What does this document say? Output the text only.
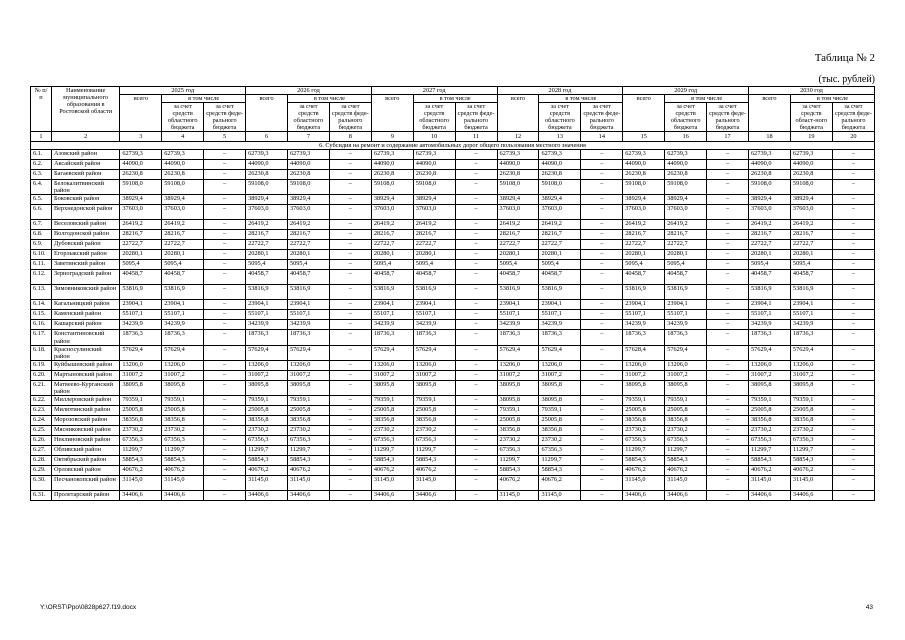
Таблица № 2
(тыс. рублей)
№ п/п	Наименование муниципального образования в Ростовской области	2025 год			2026 год			2027 год			2028 год			2029 год			2030 год		
		всего	в том числе		всего	в том числе		всего	в том числе		всего	в том числе		всего	в том числе		всего	в том числе	
			за счет средств областного бюджета	за счет средств феде-рального бюджета		за счет средств областного бюджета	за счет средств феде-рального бюджета		за счет средств областного бюджета	за счет средств феде-рального бюджета		за счет средств областного бюджета	за счет средств феде-рального бюджета		за счет средств областного бюджета	за счет средств феде-рального бюджета		за счет средств област-ного бюджета	за счет средств феде-рального бюджета
1	2	3	4	5	6	7	8	9	10	11	12	13	14	15	16	17	18	19	20
6. Субсидия на ремонт и содержание автомобильных дорог общего пользования местного значения																			
6.1.	Азовский район	62739,3	62739,3	–	62739,3	62739,3	–	62739,3	62739,3	–	62739,3	62739,3	–	62739,3	62739,3	–	62739,3	62739,3	–
6.2.	Аксайский район	44090,0	44090,0	–	44090,0	44090,0	–	44090,0	44090,0	–	44090,0	44090,0	–	44090,0	44090,0	–	44090,0	44090,0	–
6.3.	Багаевский район	26230,8	26230,8	–	26230,8	26230,8	–	26230,8	26230,8	–	26230,8	26230,8	–	26230,8	26230,8	–	26230,8	26230,8	–
6.4.	Белокалитвинский район	59108,0	59108,0	–	59108,0	59108,0	–	59108,0	59108,0	–	59108,0	59108,0	–	59108,0	59108,0	–	59108,0	59108,0	–
6.5.	Боковский район	38929,4	38929,4	–	38929,4	38929,4	–	38929,4	38929,4	–	38929,4	38929,4	–	38929,4	38929,4	–	38929,4	38929,4	–
6.6.	Верхнедонской район	37603,0	37603,0	–	37603,0	37603,0	–	37603,0	37603,0	–	37603,0	37603,0	–	37603,0	37603,0	–	37603,0	37603,0	–
6.7.	Веселовский район	26419,2	26419,2	–	26419,2	26419,2	–	26419,2	26419,2	–	26419,2	26419,2	–	26419,2	26419,2	–	26419,2	26419,2	–
6.8.	Волгодонской район	28216,7	28216,7	–	28216,7	28216,7	–	28216,7	28216,7	–	28216,7	28216,7	–	28216,7	28216,7	–	28216,7	28216,7	–
6.9.	Дубовский район	22722,7	22722,7	–	22722,7	22722,7	–	22722,7	22722,7	–	22722,7	22722,7	–	22722,7	22722,7	–	22722,7	22722,7	–
6.10.	Егорлыкский район	20280,1	20280,1	–	20280,1	20280,1	–	20280,1	20280,1	–	20280,1	20280,1	–	20280,1	20280,1	–	20280,1	20280,1	–
6.11.	Заветинский район	5095,4	5095,4	–	5095,4	5095,4	–	5095,4	5095,4	–	5095,4	5095,4	–	5095,4	5095,4	–	5095,4	5095,4	–
6.12.	Зерноградский район	40458,7	40458,7	–	40458,7	40458,7	–	40458,7	40458,7	–	40458,7	40458,7	–	40458,7	40458,7	–	40458,7	40458,7	–
6.13.	Зимовниковский район	53816,9	53816,9	–	53816,9	53816,9	–	53816,9	53816,9	–	53816,9	53816,9	–	53816,9	53816,9	–	53816,9	53816,9	–
6.14.	Кагальницкий район	23904,1	23904,1	–	23904,1	23904,1	–	23904,1	23904,1	–	23904,1	23904,1	–	23904,1	23904,1	–	23904,1	23904,1	–
6.15.	Каменский район	55107,1	55107,1	–	55107,1	55107,1	–	55107,1	55107,1	–	55107,1	55107,1	–	55107,1	55107,1	–	55107,1	55107,1	–
6.16.	Кашарский район	34239,9	34239,9	–	34239,9	34239,9	–	34239,9	34239,9	–	34239,9	34239,9	–	34239,9	34239,9	–	34239,9	34239,9	–
6.17.	Константиновский район	18736,3	18736,3	–	18736,3	18736,3	–	18736,3	18736,3	–	18736,3	18736,3	–	18736,3	18736,3	–	18736,3	18736,3	–
6.18.	Красносулинский район	57629,4	57629,4	–	57629,4	57629,4	–	57629,4	57629,4	–	57629,4	57629,4	–	57628,4	57629,4	–	57629,4	57629,4	–
6.19.	Куйбышевский район	13206,0	13206,0	–	13206,0	13206,0	–	13206,0	13206,0	–	13206,0	13206,0	–	13206,0	13206,0	–	13206,0	13206,0	–
6.20.	Мартыновский район	31007,2	31007,2	–	31007,2	31007,2	–	31007,2	31007,2	–	31007,2	31007,2	–	31007,2	31007,2	–	31007,2	31007,2	–
6.21.	Матвеево-Курганский район	38095,8	38095,8	–	38095,8	38095,8	–	38095,8	38095,8	–	38095,8	38095,8	–	38095,8	38095,8	–	38095,8	38095,8	–
6.22.	Миллеровский район	79359,1	79359,1	–	79359,1	79359,1	–	79359,1	79359,1	–	38095,8	38095,8	–	79359,1	79359,1	–	79359,1	79359,1	–
6.23.	Милютинский район	25005,8	25005,8	–	25005,8	25005,8	–	25005,8	25005,8	–	79359,1	79359,1	–	25005,8	25005,8	–	25005,8	25005,8	–
6.24.	Морозовский район	38356,8	38356,8	–	38356,8	38356,8	–	38356,8	38356,8	–	25005,8	25005,8	–	38356,8	38356,8	–	38356,8	38356,8	–
6.25.	Мясниковский район	23730,2	23730,2	–	23730,2	23730,2	–	23730,2	23730,2	–	38356,8	38356,8	–	23730,2	23730,2	–	23730,2	23730,2	–
6.26.	Неклиновский район	67356,3	67356,3	–	67356,3	67356,3	–	67356,3	67356,3	–	23730,2	23730,2	–	67356,3	67356,3	–	67356,3	67356,3	–
6.27.	Обливский район	11299,7	11299,7	–	11299,7	11299,7	–	11299,7	11299,7	–	67356,3	67356,3	–	11299,7	11299,7	–	11299,7	11299,7	–
6.28.	Октябрьский район	58854,3	58854,3	–	58854,3	58854,3	–	58854,3	58854,3	–	11299,7	11299,7	–	58854,3	58854,3	–	58854,3	58854,3	–
6.29.	Орловский район	40676,2	40676,2	–	40676,2	40676,2	–	40676,2	40676,2	–	58854,3	58854,3	–	40676,2	40676,2	–	40676,2	40676,2	–
6.30.	Песчанокопский район	31145,0	31145,0	–	31145,0	31145,0	–	31145,0	31145,0	–	40676,2	40676,2	–	31145,0	31145,0	–	31145,0	31145,0	–
6.31.	Пролетарский район	34406,6	34406,6	–	34406,6	34406,6	–	34406,6	34406,6	–	31145,0	31145,0	–	34406,6	34406,6	–	34406,6	34406,6	–
Y:\ORST\Ppo\0828p627.f19.docx	43
